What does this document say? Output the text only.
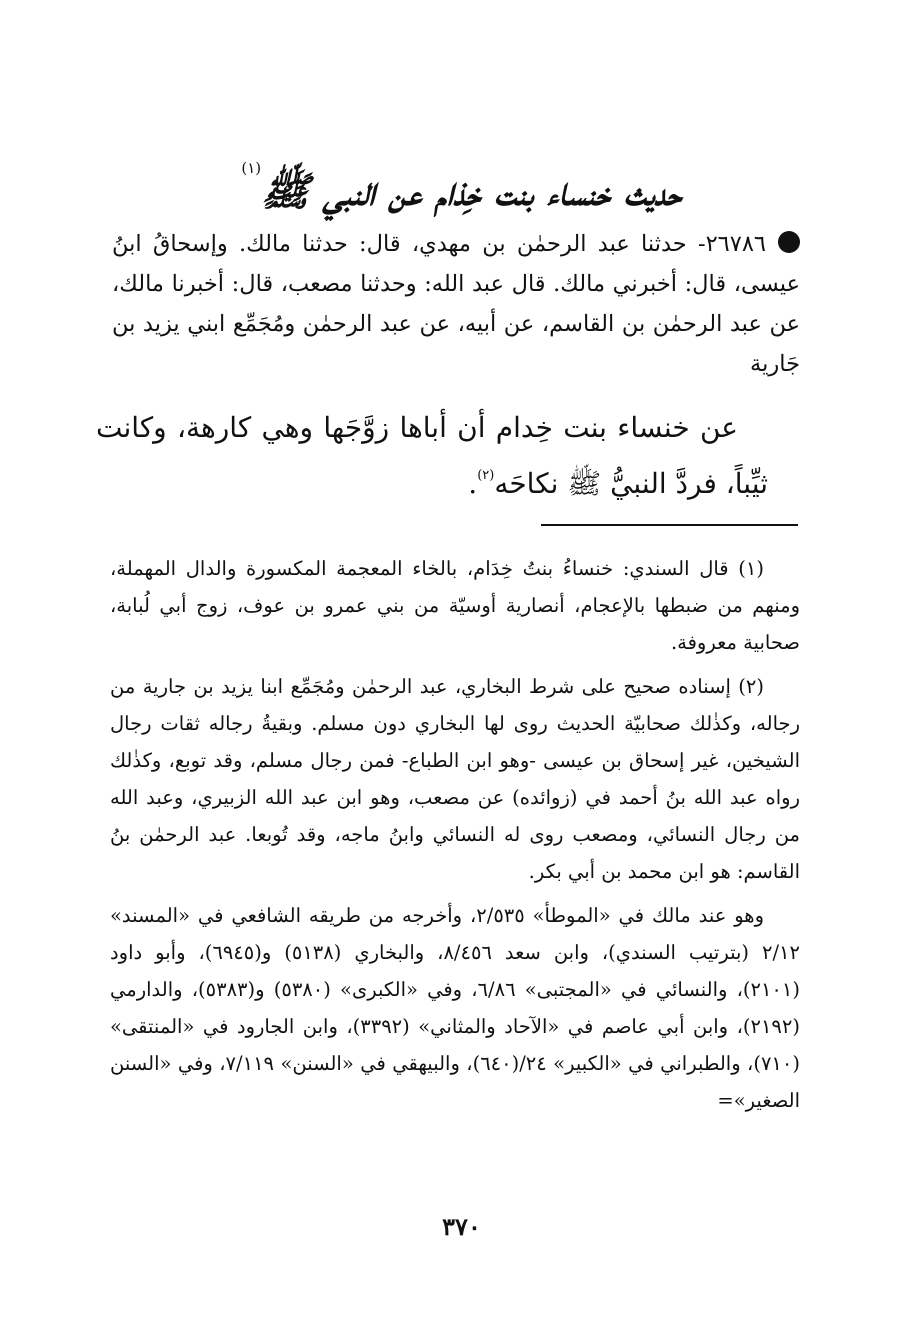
حديث خنساء بنت خِذام عن النبي ﷺ$^{(١)}$

٢٦٧٨٦- حدثنا عبد الرحمٰن بن مهدي، قال: حدثنا مالك. وإسحاقُ ابنُ عيسى، قال: أخبرني مالك. قال عبد الله: وحدثنا مصعب، قال: أخبرنا مالك، عن عبد الرحمٰن بن القاسم، عن أبيه، عن عبد الرحمٰن ومُجَمِّع ابني يزيد بن جَارية

عن خنساء بنت خِدام أن أباها زوَّجَها وهي كارهة، وكانت ثيِّباً، فردَّ النبيُّ ﷺ نكاحَه$^{(٢)}$.

(١) قال السندي: خنساءُ بنتُ خِدَام، بالخاء المعجمة المكسورة والدال المهملة، ومنهم من ضبطها بالإعجام، أنصارية أوسيّة من بني عمرو بن عوف، زوج أبي لُبابة، صحابية معروفة.

(٢) إسناده صحيح على شرط البخاري، عبد الرحمٰن ومُجَمِّع ابنا يزيد بن جارية من رجاله، وكذٰلك صحابيّة الحديث روى لها البخاري دون مسلم. وبقيةُ رجاله ثقات رجال الشيخين، غير إسحاق بن عيسى -وهو ابن الطباع- فمن رجال مسلم، وقد توبع، وكذٰلك رواه عبد الله بنُ أحمد في (زوائده) عن مصعب، وهو ابن عبد الله الزبيري، وعبد الله من رجال النسائي، ومصعب روى له النسائي وابنُ ماجه، وقد تُوبعا. عبد الرحمٰن بنُ القاسم: هو ابن محمد بن أبي بكر.

وهو عند مالك في «الموطأ» ٢/٥٣٥، وأخرجه من طريقه الشافعي في «المسند» ٢/١٢ (بترتيب السندي)، وابن سعد ٨/٤٥٦، والبخاري (٥١٣٨) و(٦٩٤٥)، وأبو داود (٢١٠١)، والنسائي في «المجتبى» ٦/٨٦، وفي «الكبرى» (٥٣٨٠) و(٥٣٨٣)، والدارمي (٢١٩٢)، وابن أبي عاصم في «الآحاد والمثاني» (٣٣٩٢)، وابن الجارود في «المنتقى» (٧١٠)، والطبراني في «الكبير» ٢٤/(٦٤٠)، والبيهقي في «السنن» ٧/١١٩، وفي «السنن الصغير»=

٣٧٠
